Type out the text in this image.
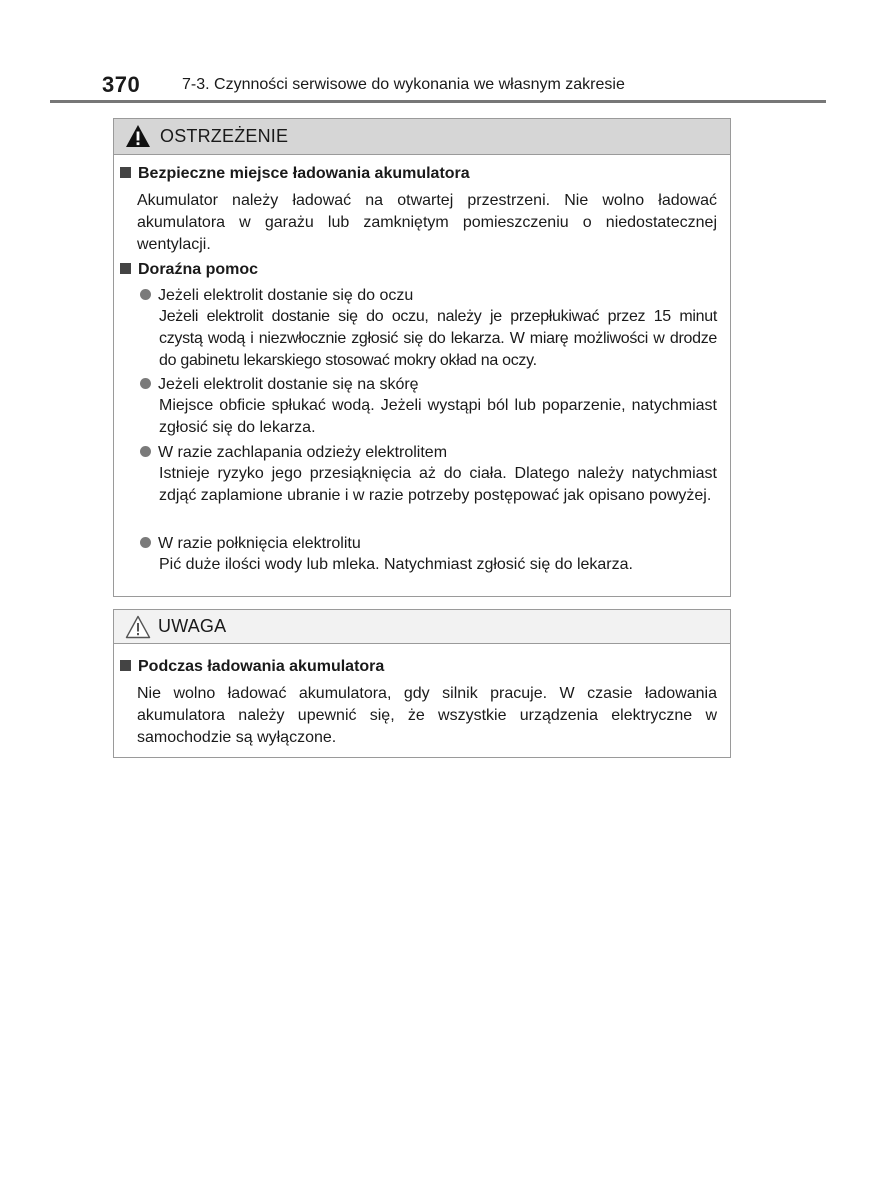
370	7-3. Czynności serwisowe do wykonania we własnym zakresie
OSTRZEŻENIE
Bezpieczne miejsce ładowania akumulatora
Akumulator należy ładować na otwartej przestrzeni. Nie wolno ładować akumulatora w garażu lub zamkniętym pomieszczeniu o niedostatecznej wentylacji.
Doraźna pomoc
Jeżeli elektrolit dostanie się do oczu
Jeżeli elektrolit dostanie się do oczu, należy je przepłukiwać przez 15 minut czystą wodą i niezwłocznie zgłosić się do lekarza. W miarę możliwości w drodze do gabinetu lekarskiego stosować mokry okład na oczy.
Jeżeli elektrolit dostanie się na skórę
Miejsce obficie spłukać wodą. Jeżeli wystąpi ból lub poparzenie, natychmiast zgłosić się do lekarza.
W razie zachlapania odzieży elektrolitem
Istnieje ryzyko jego przesiąknięcia aż do ciała. Dlatego należy natychmiast zdjąć zaplamione ubranie i w razie potrzeby postępować jak opisano powyżej.
W razie połknięcia elektrolitu
Pić duże ilości wody lub mleka. Natychmiast zgłosić się do lekarza.
UWAGA
Podczas ładowania akumulatora
Nie wolno ładować akumulatora, gdy silnik pracuje. W czasie ładowania akumulatora należy upewnić się, że wszystkie urządzenia elektryczne w samochodzie są wyłączone.
